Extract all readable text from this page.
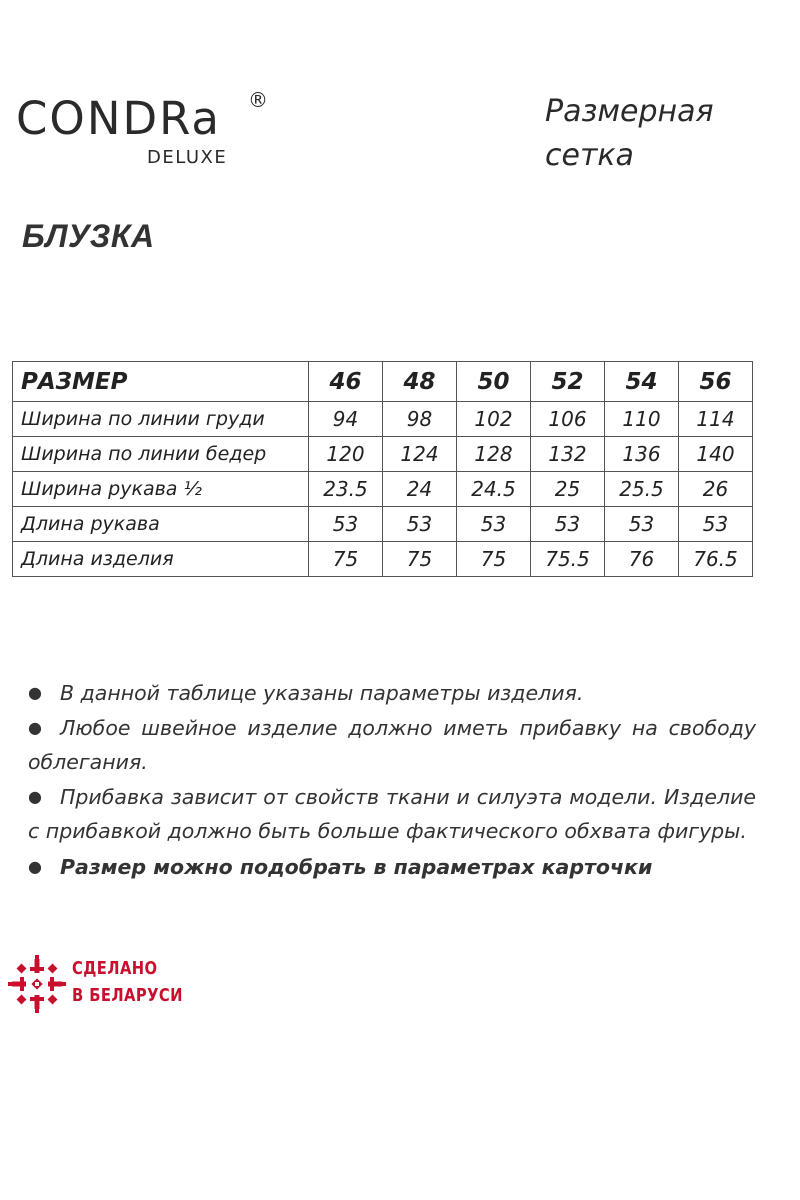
CONDRa ®
DELUXE
Размерная
сетка
БЛУЗКА
РАЗМЕР	46	48	50	52	54	56
Ширина по линии груди	94	98	102	106	110	114
Ширина по линии бедер	120	124	128	132	136	140
Ширина рукава ½	23.5	24	24.5	25	25.5	26
Длина рукава	53	53	53	53	53	53
Длина изделия	75	75	75	75.5	76	76.5

● В данной таблице указаны параметры изделия.

● Любое швейное изделие должно иметь прибавку на свободу облегания.

● Прибавка зависит от свойств ткани и силуэта модели. Изделие с прибавкой должно быть больше фактического обхвата фигуры.

● Размер можно подобрать в параметрах карточки

СДЕЛАНО
В БЕЛАРУСИ
